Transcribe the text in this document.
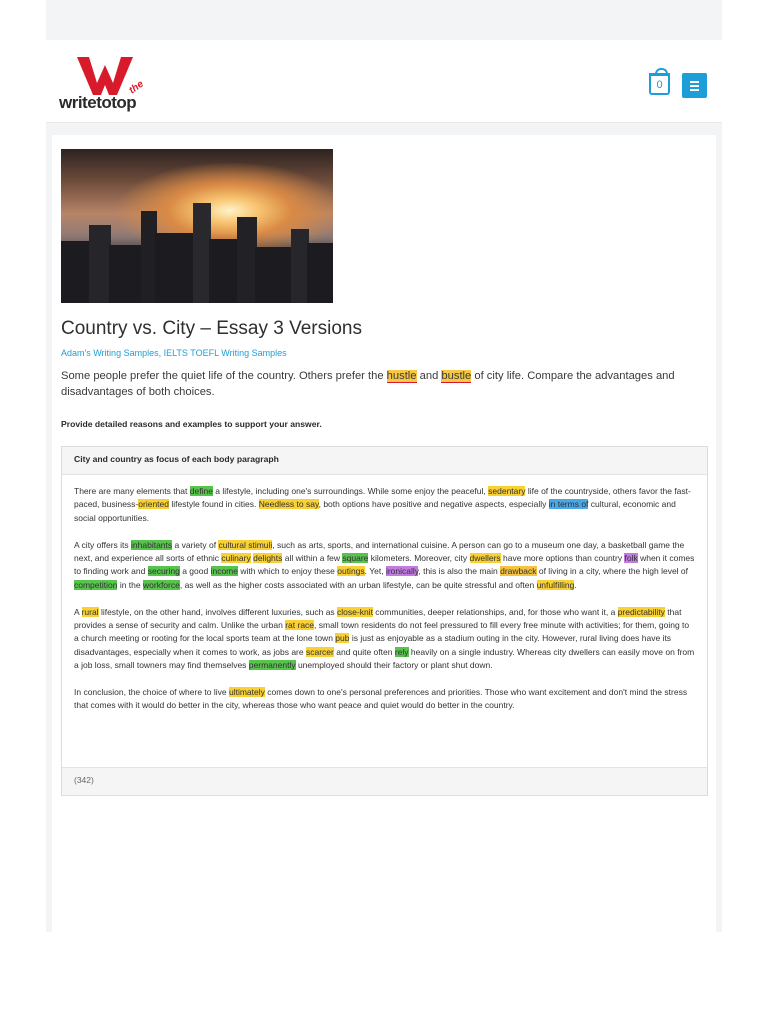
the
writetotop
0
Country vs. City – Essay 3 Versions
Adam's Writing Samples, IELTS TOEFL Writing Samples
Some people prefer the quiet life of the country. Others prefer the hustle and bustle of city life. Compare the advantages and disadvantages of both choices.
Provide detailed reasons and examples to support your answer.
City and country as focus of each body paragraph

There are many elements that define a lifestyle, including one's surroundings. While some enjoy the peaceful, sedentary life of the countryside, others favor the fast-paced, business-oriented lifestyle found in cities. Needless to say, both options have positive and negative aspects, especially in terms of cultural, economic and social opportunities.

A city offers its inhabitants a variety of cultural stimuli, such as arts, sports, and international cuisine. A person can go to a museum one day, a basketball game the next, and experience all sorts of ethnic culinary delights all within a few square kilometers. Moreover, city dwellers have more options than country folk when it comes to finding work and securing a good income with which to enjoy these outings. Yet, ironically, this is also the main drawback of living in a city, where the high level of competition in the workforce, as well as the higher costs associated with an urban lifestyle, can be quite stressful and often unfulfilling.

A rural lifestyle, on the other hand, involves different luxuries, such as close-knit communities, deeper relationships, and, for those who want it, a predictability that provides a sense of security and calm. Unlike the urban rat race, small town residents do not feel pressured to fill every free minute with activities; for them, going to a church meeting or rooting for the local sports team at the lone town pub is just as enjoyable as a stadium outing in the city. However, rural living does have its disadvantages, especially when it comes to work, as jobs are scarcer and quite often rely heavily on a single industry. Whereas city dwellers can easily move on from a job loss, small towners may find themselves permanently unemployed should their factory or plant shut down.

In conclusion, the choice of where to live ultimately comes down to one's personal preferences and priorities. Those who want excitement and don't mind the stress that comes with it would do better in the city, whereas those who want peace and quiet would do better in the country.

(342)
